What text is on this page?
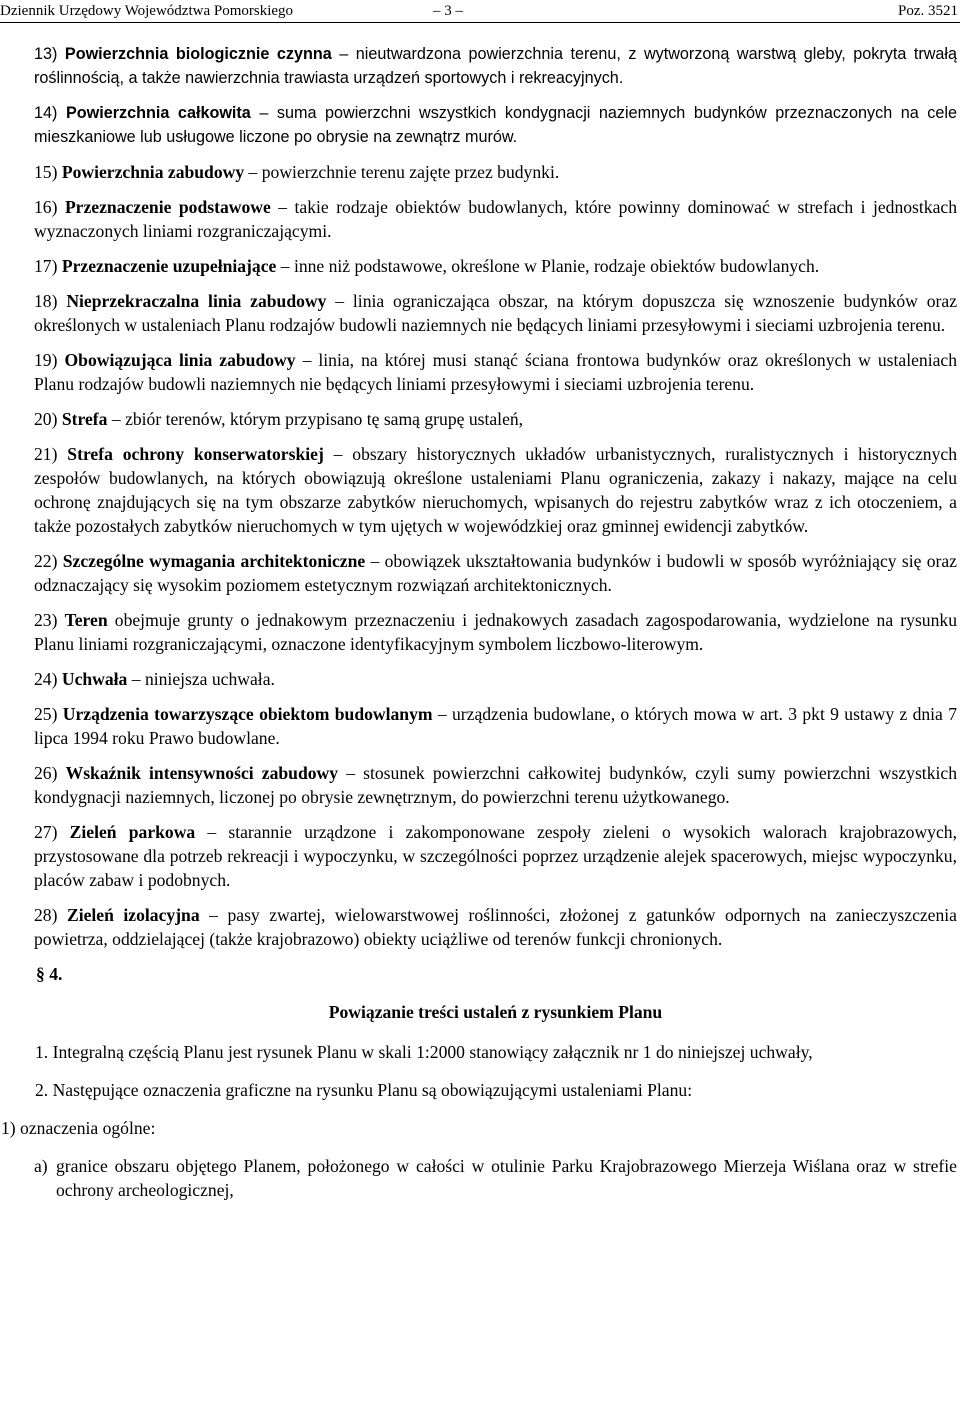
Dziennik Urzędowy Województwa Pomorskiego	– 3 –	Poz. 3521

13) Powierzchnia biologicznie czynna – nieutwardzona powierzchnia terenu, z wytworzoną warstwą gleby, pokryta trwałą roślinnością, a także nawierzchnia trawiasta urządzeń sportowych i rekreacyjnych.

14) Powierzchnia całkowita – suma powierzchni wszystkich kondygnacji naziemnych budynków przeznaczonych na cele mieszkaniowe lub usługowe liczone po obrysie na zewnątrz murów.

15) Powierzchnia zabudowy – powierzchnie terenu zajęte przez budynki.

16) Przeznaczenie podstawowe – takie rodzaje obiektów budowlanych, które powinny dominować w strefach i jednostkach wyznaczonych liniami rozgraniczającymi.

17) Przeznaczenie uzupełniające – inne niż podstawowe, określone w Planie, rodzaje obiektów budowlanych.

18) Nieprzekraczalna linia zabudowy – linia ograniczająca obszar, na którym dopuszcza się wznoszenie budynków oraz określonych w ustaleniach Planu rodzajów budowli naziemnych nie będących liniami przesyłowymi i sieciami uzbrojenia terenu.

19) Obowiązująca linia zabudowy – linia, na której musi stanąć ściana frontowa budynków oraz określonych w ustaleniach Planu rodzajów budowli naziemnych nie będących liniami przesyłowymi i sieciami uzbrojenia terenu.

20) Strefa – zbiór terenów, którym przypisano tę samą grupę ustaleń,

21) Strefa ochrony konserwatorskiej – obszary historycznych układów urbanistycznych, ruralistycznych i historycznych zespołów budowlanych, na których obowiązują określone ustaleniami Planu ograniczenia, zakazy i nakazy, mające na celu ochronę znajdujących się na tym obszarze zabytków nieruchomych, wpisanych do rejestru zabytków wraz z ich otoczeniem, a także pozostałych zabytków nieruchomych w tym ujętych w wojewódzkiej oraz gminnej ewidencji zabytków.

22) Szczególne wymagania architektoniczne – obowiązek ukształtowania budynków i budowli w sposób wyróżniający się oraz odznaczający się wysokim poziomem estetycznym rozwiązań architektonicznych.

23) Teren obejmuje grunty o jednakowym przeznaczeniu i jednakowych zasadach zagospodarowania, wydzielone na rysunku Planu liniami rozgraniczającymi, oznaczone identyfikacyjnym symbolem liczbowo-literowym.

24) Uchwała – niniejsza uchwała.

25) Urządzenia towarzyszące obiektom budowlanym – urządzenia budowlane, o których mowa w art. 3 pkt 9 ustawy z dnia 7 lipca 1994 roku Prawo budowlane.

26) Wskaźnik intensywności zabudowy – stosunek powierzchni całkowitej budynków, czyli sumy powierzchni wszystkich kondygnacji naziemnych, liczonej po obrysie zewnętrznym, do powierzchni terenu użytkowanego.

27) Zieleń parkowa – starannie urządzone i zakomponowane zespoły zieleni o wysokich walorach krajobrazowych, przystosowane dla potrzeb rekreacji i wypoczynku, w szczególności poprzez urządzenie alejek spacerowych, miejsc wypoczynku, placów zabaw i podobnych.

28) Zieleń izolacyjna – pasy zwartej, wielowarstwowej roślinności, złożonej z gatunków odpornych na zanieczyszczenia powietrza, oddzielającej (także krajobrazowo) obiekty uciążliwe od terenów funkcji chronionych.

§ 4.
Powiązanie treści ustaleń z rysunkiem Planu

1. Integralną częścią Planu jest rysunek Planu w skali 1:2000 stanowiący załącznik nr 1 do niniejszej uchwały,

2. Następujące oznaczenia graficzne na rysunku Planu są obowiązującymi ustaleniami Planu:

1) oznaczenia ogólne:

a) granice obszaru objętego Planem, położonego w całości w otulinie Parku Krajobrazowego Mierzeja Wiślana oraz w strefie ochrony archeologicznej,
